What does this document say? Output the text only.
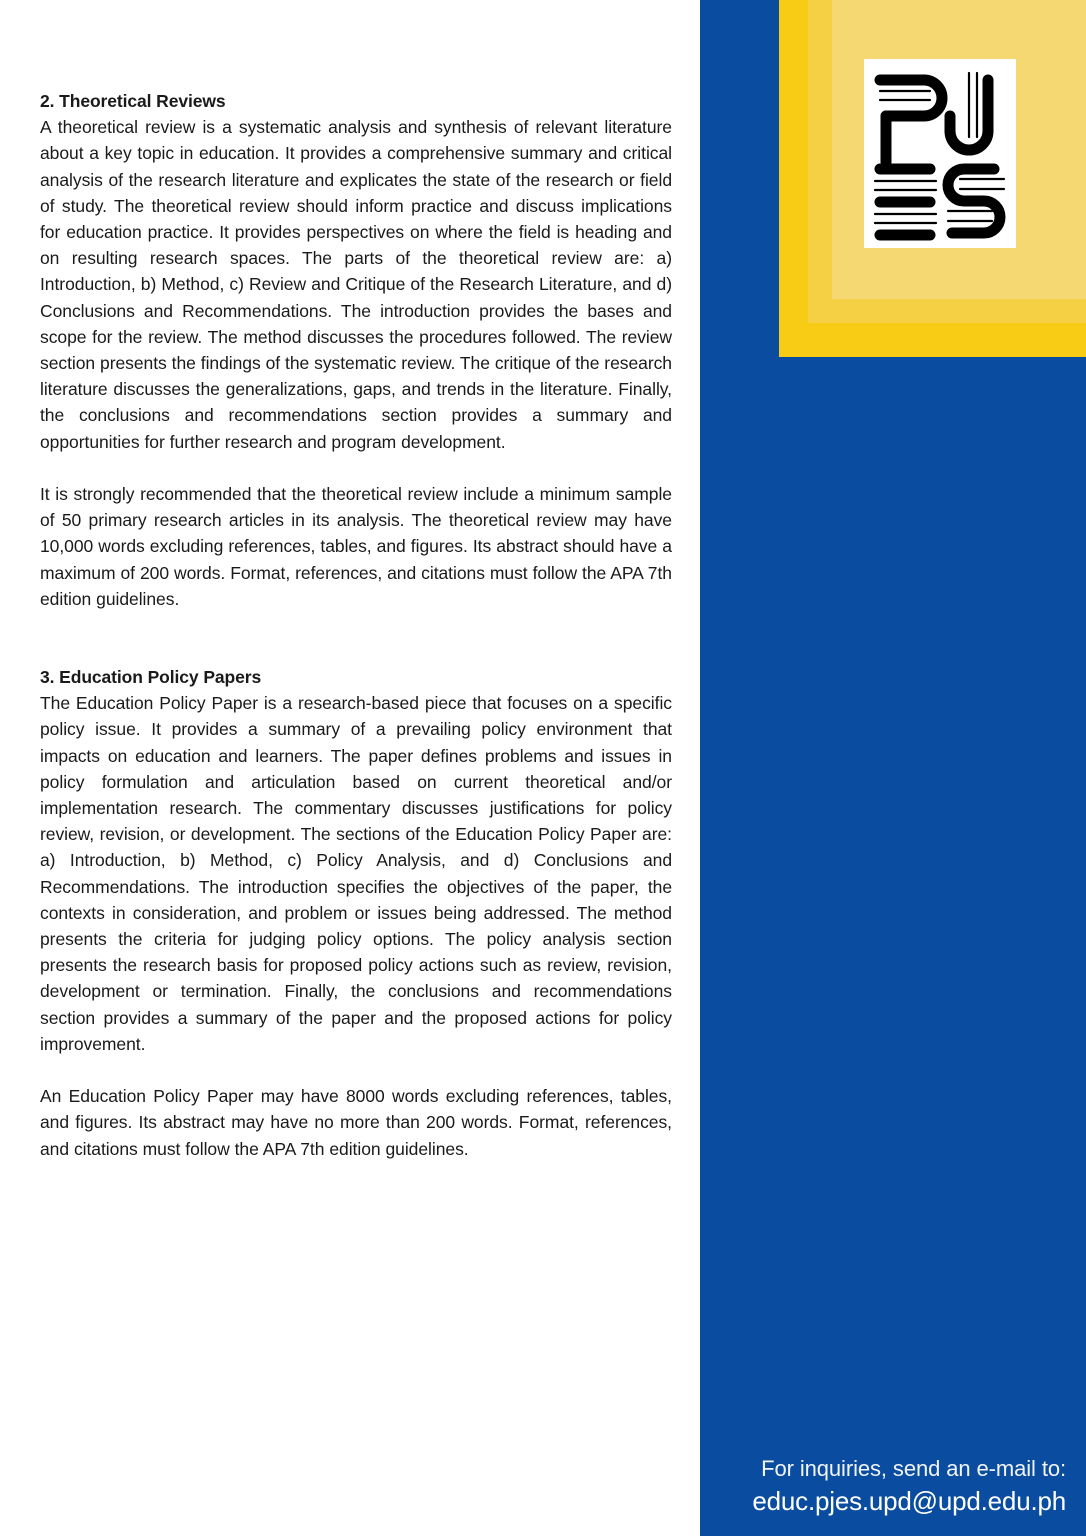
2. Theoretical Reviews

A theoretical review is a systematic analysis and synthesis of relevant literature about a key topic in education. It provides a comprehensive summary and critical analysis of the research literature and explicates the state of the research or field of study. The theoretical review should inform practice and discuss implications for education practice. It provides perspectives on where the field is heading and on resulting research spaces. The parts of the theoretical review are: a) Introduction, b) Method, c) Review and Critique of the Research Literature, and d) Conclusions and Recommendations. The introduction provides the bases and scope for the review. The method discusses the procedures followed. The review section presents the findings of the systematic review. The critique of the research literature discusses the generalizations, gaps, and trends in the literature. Finally, the conclusions and recommendations section provides a summary and opportunities for further research and program development.

It is strongly recommended that the theoretical review include a minimum sample of 50 primary research articles in its analysis. The theoretical review may have 10,000 words excluding references, tables, and figures. Its abstract should have a maximum of 200 words. Format, references, and citations must follow the APA 7th edition guidelines.

3. Education Policy Papers

The Education Policy Paper is a research-based piece that focuses on a specific policy issue. It provides a summary of a prevailing policy environment that impacts on education and learners. The paper defines problems and issues in policy formulation and articulation based on current theoretical and/or implementation research. The commentary discusses justifications for policy review, revision, or development. The sections of the Education Policy Paper are: a) Introduction, b) Method, c) Policy Analysis, and d) Conclusions and Recommendations. The introduction specifies the objectives of the paper, the contexts in consideration, and problem or issues being addressed. The method presents the criteria for judging policy options. The policy analysis section presents the research basis for proposed policy actions such as review, revision, development or termination. Finally, the conclusions and recommendations section provides a summary of the paper and the proposed actions for policy improvement.

An Education Policy Paper may have 8000 words excluding references, tables, and figures. Its abstract may have no more than 200 words. Format, references, and citations must follow the APA 7th edition guidelines.

For inquiries, send an e-mail to:
educ.pjes.upd@upd.edu.ph
